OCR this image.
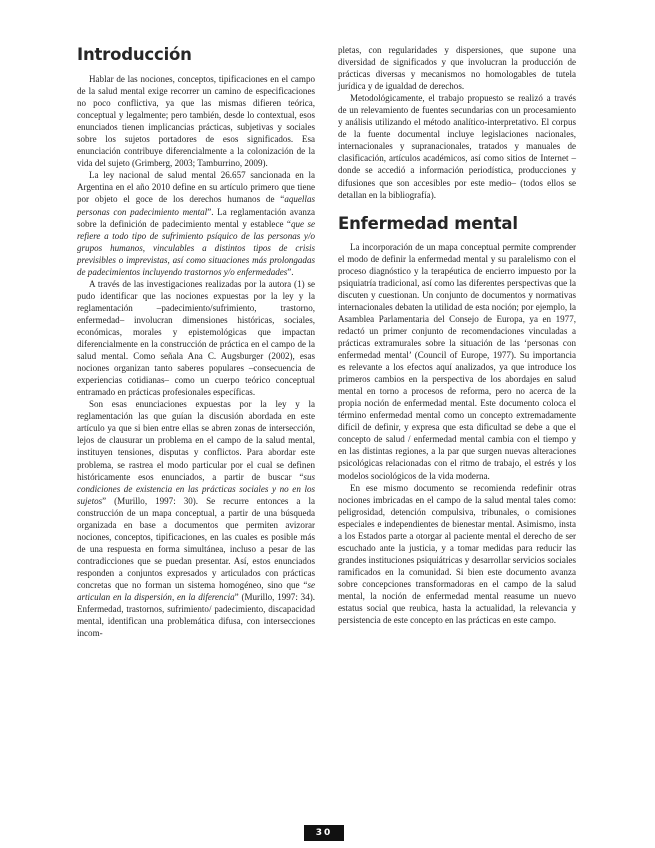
Introducción

Hablar de las nociones, conceptos, tipificaciones en el campo de la salud mental exige recorrer un camino de especificaciones no poco conflictiva, ya que las mismas difieren teórica, conceptual y legalmente; pero también, desde lo contextual, esos enunciados tienen implicancias prácticas, subjetivas y sociales sobre los sujetos portadores de esos significados. Esa enunciación contribuye diferencialmente a la colonización de la vida del sujeto (Grimberg, 2003; Tamburrino, 2009).

La ley nacional de salud mental 26.657 sancionada en la Argentina en el año 2010 define en su artículo primero que tiene por objeto el goce de los derechos humanos de “aquellas personas con padecimiento mental”. La reglamentación avanza sobre la definición de padecimiento mental y establece “que se refiere a todo tipo de sufrimiento psíquico de las personas y/o grupos humanos, vinculables a distintos tipos de crisis previsibles o imprevistas, así como situaciones más prolongadas de padecimientos incluyendo trastornos y/o enfermedades”.

A través de las investigaciones realizadas por la autora (1) se pudo identificar que las nociones expuestas por la ley y la reglamentación –padecimiento/sufrimiento, trastorno, enfermedad– involucran dimensiones históricas, sociales, económicas, morales y epistemológicas que impactan diferencialmente en la construcción de práctica en el campo de la salud mental. Como señala Ana C. Augsburger (2002), esas nociones organizan tanto saberes populares –consecuencia de experiencias cotidianas– como un cuerpo teórico conceptual entramado en prácticas profesionales específicas.

Son esas enunciaciones expuestas por la ley y la reglamentación las que guían la discusión abordada en este artículo ya que si bien entre ellas se abren zonas de intersección, lejos de clausurar un problema en el campo de la salud mental, instituyen tensiones, disputas y conflictos. Para abordar este problema, se rastrea el modo particular por el cual se definen históricamente esos enunciados, a partir de buscar “sus condiciones de existencia en las prácticas sociales y no en los sujetos” (Murillo, 1997: 30). Se recurre entonces a la construcción de un mapa conceptual, a partir de una búsqueda organizada en base a documentos que permiten avizorar nociones, conceptos, tipificaciones, en las cuales es posible más de una respuesta en forma simultánea, incluso a pesar de las contradicciones que se puedan presentar. Así, estos enunciados responden a conjuntos expresados y articulados con prácticas concretas que no forman un sistema homogéneo, sino que “se articulan en la dispersión, en la diferencia” (Murillo, 1997: 34). Enfermedad, trastornos, sufrimiento/ padecimiento, discapacidad mental, identifican una problemática difusa, con intersecciones incom-

pletas, con regularidades y dispersiones, que supone una diversidad de significados y que involucran la producción de prácticas diversas y mecanismos no homologables de tutela jurídica y de igualdad de derechos.

Metodológicamente, el trabajo propuesto se realizó a través de un relevamiento de fuentes secundarias con un procesamiento y análisis utilizando el método analítico-interpretativo. El corpus de la fuente documental incluye legislaciones nacionales, internacionales y supranacionales, tratados y manuales de clasificación, artículos académicos, así como sitios de Internet –donde se accedió a información periodística, producciones y difusiones que son accesibles por este medio– (todos ellos se detallan en la bibliografía).

Enfermedad mental

La incorporación de un mapa conceptual permite comprender el modo de definir la enfermedad mental y su paralelismo con el proceso diagnóstico y la terapéutica de encierro impuesto por la psiquiatría tradicional, así como las diferentes perspectivas que la discuten y cuestionan. Un conjunto de documentos y normativas internacionales debaten la utilidad de esta noción; por ejemplo, la Asamblea Parlamentaria del Consejo de Europa, ya en 1977, redactó un primer conjunto de recomendaciones vinculadas a prácticas extramurales sobre la situación de las ‘personas con enfermedad mental’ (Council of Europe, 1977). Su importancia es relevante a los efectos aquí analizados, ya que introduce los primeros cambios en la perspectiva de los abordajes en salud mental en torno a procesos de reforma, pero no acerca de la propia noción de enfermedad mental. Este documento coloca el término enfermedad mental como un concepto extremadamente difícil de definir, y expresa que esta dificultad se debe a que el concepto de salud / enfermedad mental cambia con el tiempo y en las distintas regiones, a la par que surgen nuevas alteraciones psicológicas relacionadas con el ritmo de trabajo, el estrés y los modelos sociológicos de la vida moderna.

En ese mismo documento se recomienda redefinir otras nociones imbricadas en el campo de la salud mental tales como: peligrosidad, detención compulsiva, tribunales, o comisiones especiales e independientes de bienestar mental. Asimismo, insta a los Estados parte a otorgar al paciente mental el derecho de ser escuchado ante la justicia, y a tomar medidas para reducir las grandes instituciones psiquiátricas y desarrollar servicios sociales ramificados en la comunidad. Si bien este documento avanza sobre concepciones transformadoras en el campo de la salud mental, la noción de enfermedad mental reasume un nuevo estatus social que reubica, hasta la actualidad, la relevancia y persistencia de este concepto en las prácticas en este campo.

30
